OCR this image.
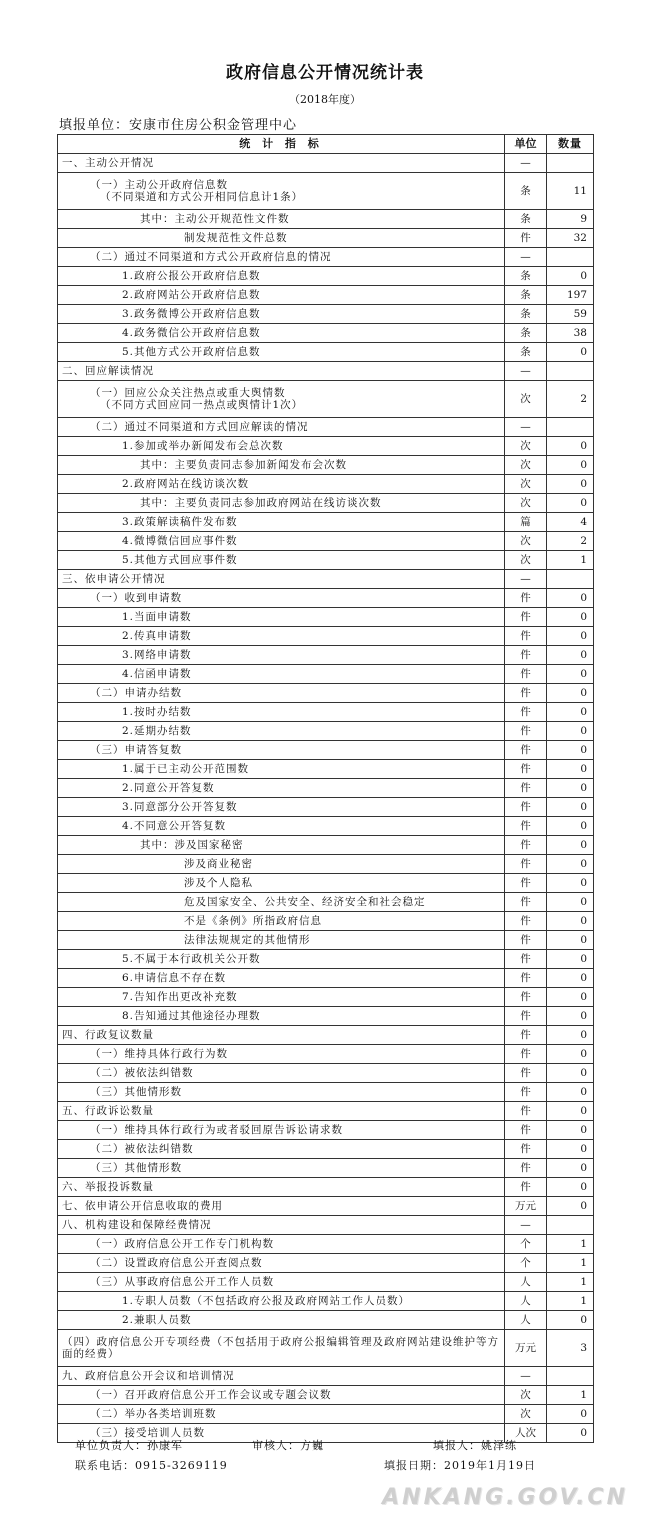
政府信息公开情况统计表
（2018年度）
填报单位：安康市住房公积金管理中心
统 计 指 标	单位	数量
一、主动公开情况	—	
（一）主动公开政府信息数
（不同渠道和方式公开相同信息计1条）	条	11
其中：主动公开规范性文件数	条	9
制发规范性文件总数	件	32
（二）通过不同渠道和方式公开政府信息的情况	—	
1.政府公报公开政府信息数	条	0
2.政府网站公开政府信息数	条	197
3.政务微博公开政府信息数	条	59
4.政务微信公开政府信息数	条	38
5.其他方式公开政府信息数	条	0
二、回应解读情况	—	
（一）回应公众关注热点或重大舆情数
（不同方式回应同一热点或舆情计1次）	次	2
（二）通过不同渠道和方式回应解读的情况	—	
1.参加或举办新闻发布会总次数	次	0
其中：主要负责同志参加新闻发布会次数	次	0
2.政府网站在线访谈次数	次	0
其中：主要负责同志参加政府网站在线访谈次数	次	0
3.政策解读稿件发布数	篇	4
4.微博微信回应事件数	次	2
5.其他方式回应事件数	次	1
三、依申请公开情况	—	
（一）收到申请数	件	0
1.当面申请数	件	0
2.传真申请数	件	0
3.网络申请数	件	0
4.信函申请数	件	0
（二）申请办结数	件	0
1.按时办结数	件	0
2.延期办结数	件	0
（三）申请答复数	件	0
1.属于已主动公开范围数	件	0
2.同意公开答复数	件	0
3.同意部分公开答复数	件	0
4.不同意公开答复数	件	0
其中：涉及国家秘密	件	0
涉及商业秘密	件	0
涉及个人隐私	件	0
危及国家安全、公共安全、经济安全和社会稳定	件	0
不是《条例》所指政府信息	件	0
法律法规规定的其他情形	件	0
5.不属于本行政机关公开数	件	0
6.申请信息不存在数	件	0
7.告知作出更改补充数	件	0
8.告知通过其他途径办理数	件	0
四、行政复议数量	件	0
（一）维持具体行政行为数	件	0
（二）被依法纠错数	件	0
（三）其他情形数	件	0
五、行政诉讼数量	件	0
（一）维持具体行政行为或者驳回原告诉讼请求数	件	0
（二）被依法纠错数	件	0
（三）其他情形数	件	0
六、举报投诉数量	件	0
七、依申请公开信息收取的费用	万元	0
八、机构建设和保障经费情况	—	
（一）政府信息公开工作专门机构数	个	1
（二）设置政府信息公开查阅点数	个	1
（三）从事政府信息公开工作人员数	人	1
1.专职人员数（不包括政府公报及政府网站工作人员数）	人	1
2.兼职人员数	人	0
（四）政府信息公开专项经费（不包括用于政府公报编辑管理及政府网站建设维护等方面的经费）	万元	3
九、政府信息公开会议和培训情况	—	
（一）召开政府信息公开工作会议或专题会议数	次	1
（二）举办各类培训班数	次	0
（三）接受培训人员数	人次	0
单位负责人：孙康军	审核人：方巍	填报人：姚泽练
联系电话：0915-3269119	填报日期：2019年1月19日
ANKANG.GOV.CN
